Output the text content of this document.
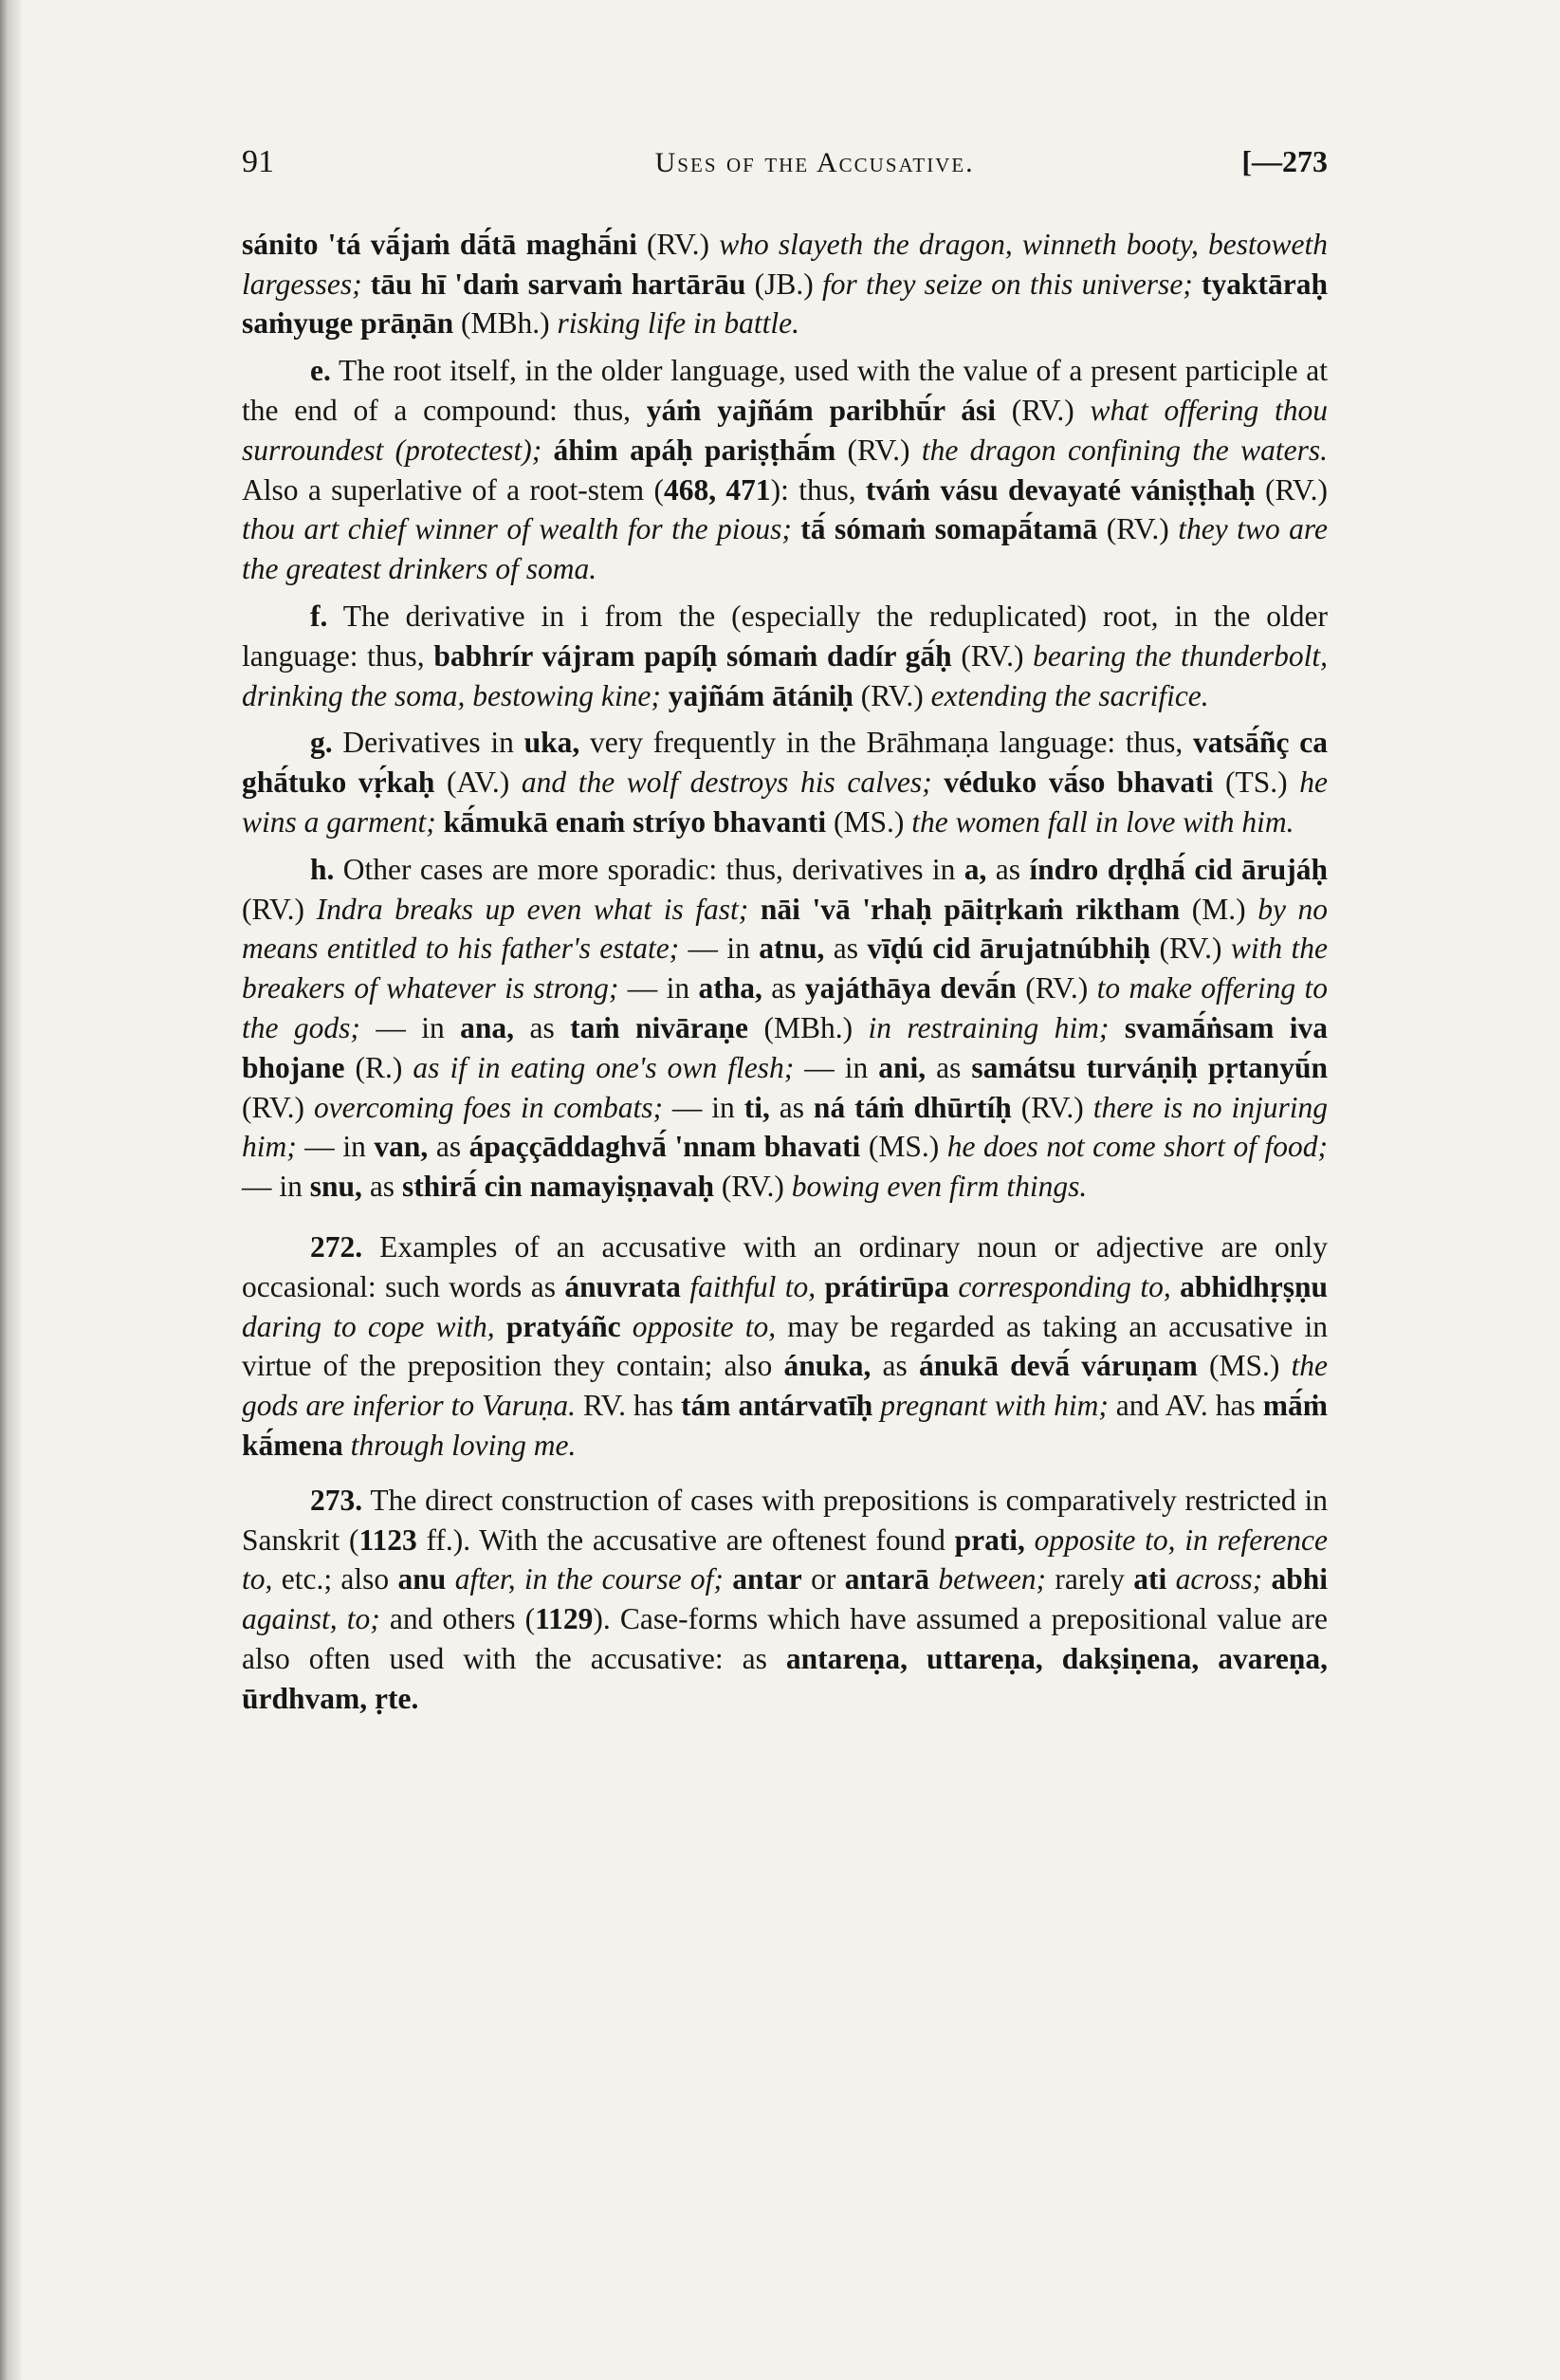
91	Uses of the Accusative.	[—273

sánito 'tá vā́jaṁ dā́tā maghā́ni (RV.) who slayeth the dragon, winneth booty, bestoweth largesses; tāu hī 'daṁ sarvaṁ hartārāu (JB.) for they seize on this universe; tyaktāraḥ saṁyuge prāṇān (MBh.) risking life in battle.

e. The root itself, in the older language, used with the value of a present participle at the end of a compound: thus, yáṁ yajñám paribhū́r ási (RV.) what offering thou surroundest (protectest); áhim apáḥ pariṣṭhā́m (RV.) the dragon confining the waters. Also a superlative of a root-stem (468, 471): thus, tváṁ vásu devayaté vániṣṭhaḥ (RV.) thou art chief winner of wealth for the pious; tā́ sómaṁ somapā́tamā (RV.) they two are the greatest drinkers of soma.

f. The derivative in i from the (especially the reduplicated) root, in the older language: thus, babhrír vájram papíḥ sómaṁ dadír gā́ḥ (RV.) bearing the thunderbolt, drinking the soma, bestowing kine; yajñám ātániḥ (RV.) extending the sacrifice.

g. Derivatives in uka, very frequently in the Brāhmaṇa language: thus, vatsā́ñç ca ghā́tuko vṛ́kaḥ (AV.) and the wolf destroys his calves; véduko vā́so bhavati (TS.) he wins a garment; kā́mukā enaṁ stríyo bhavanti (MS.) the women fall in love with him.

h. Other cases are more sporadic: thus, derivatives in a, as índro dṛḍhā́ cid ārujáḥ (RV.) Indra breaks up even what is fast; nāi 'vā 'rhaḥ pāitṛkaṁ riktham (M.) by no means entitled to his father's estate; — in atnu, as vīḍú cid ārujatnúbhiḥ (RV.) with the breakers of whatever is strong; — in atha, as yajáthāya devā́n (RV.) to make offering to the gods; — in ana, as taṁ nivāraṇe (MBh.) in restraining him; svamā́ṅsam iva bhojane (R.) as if in eating one's own flesh; — in ani, as samátsu turváṇiḥ pṛtanyū́n (RV.) overcoming foes in combats; — in ti, as ná táṁ dhūrtíḥ (RV.) there is no injuring him; — in van, as ápaççāddaghvā́ 'nnam bhavati (MS.) he does not come short of food; — in snu, as sthirā́ cin namayiṣṇavaḥ (RV.) bowing even firm things.

272. Examples of an accusative with an ordinary noun or adjective are only occasional: such words as ánuvrata faithful to, prátirūpa corresponding to, abhidhṛṣṇu daring to cope with, pratyáñc opposite to, may be regarded as taking an accusative in virtue of the preposition they contain; also ánuka, as ánukā devā́ váruṇam (MS.) the gods are inferior to Varuṇa. RV. has tám antárvatīḥ pregnant with him; and AV. has mā́ṁ kā́mena through loving me.

273. The direct construction of cases with prepositions is comparatively restricted in Sanskrit (1123 ff.). With the accusative are oftenest found prati, opposite to, in reference to, etc.; also anu after, in the course of; antar or antarā between; rarely ati across; abhi against, to; and others (1129). Case-forms which have assumed a prepositional value are also often used with the accusative: as antareṇa, uttareṇa, dakṣiṇena, avareṇa, ūrdhvam, ṛte.
